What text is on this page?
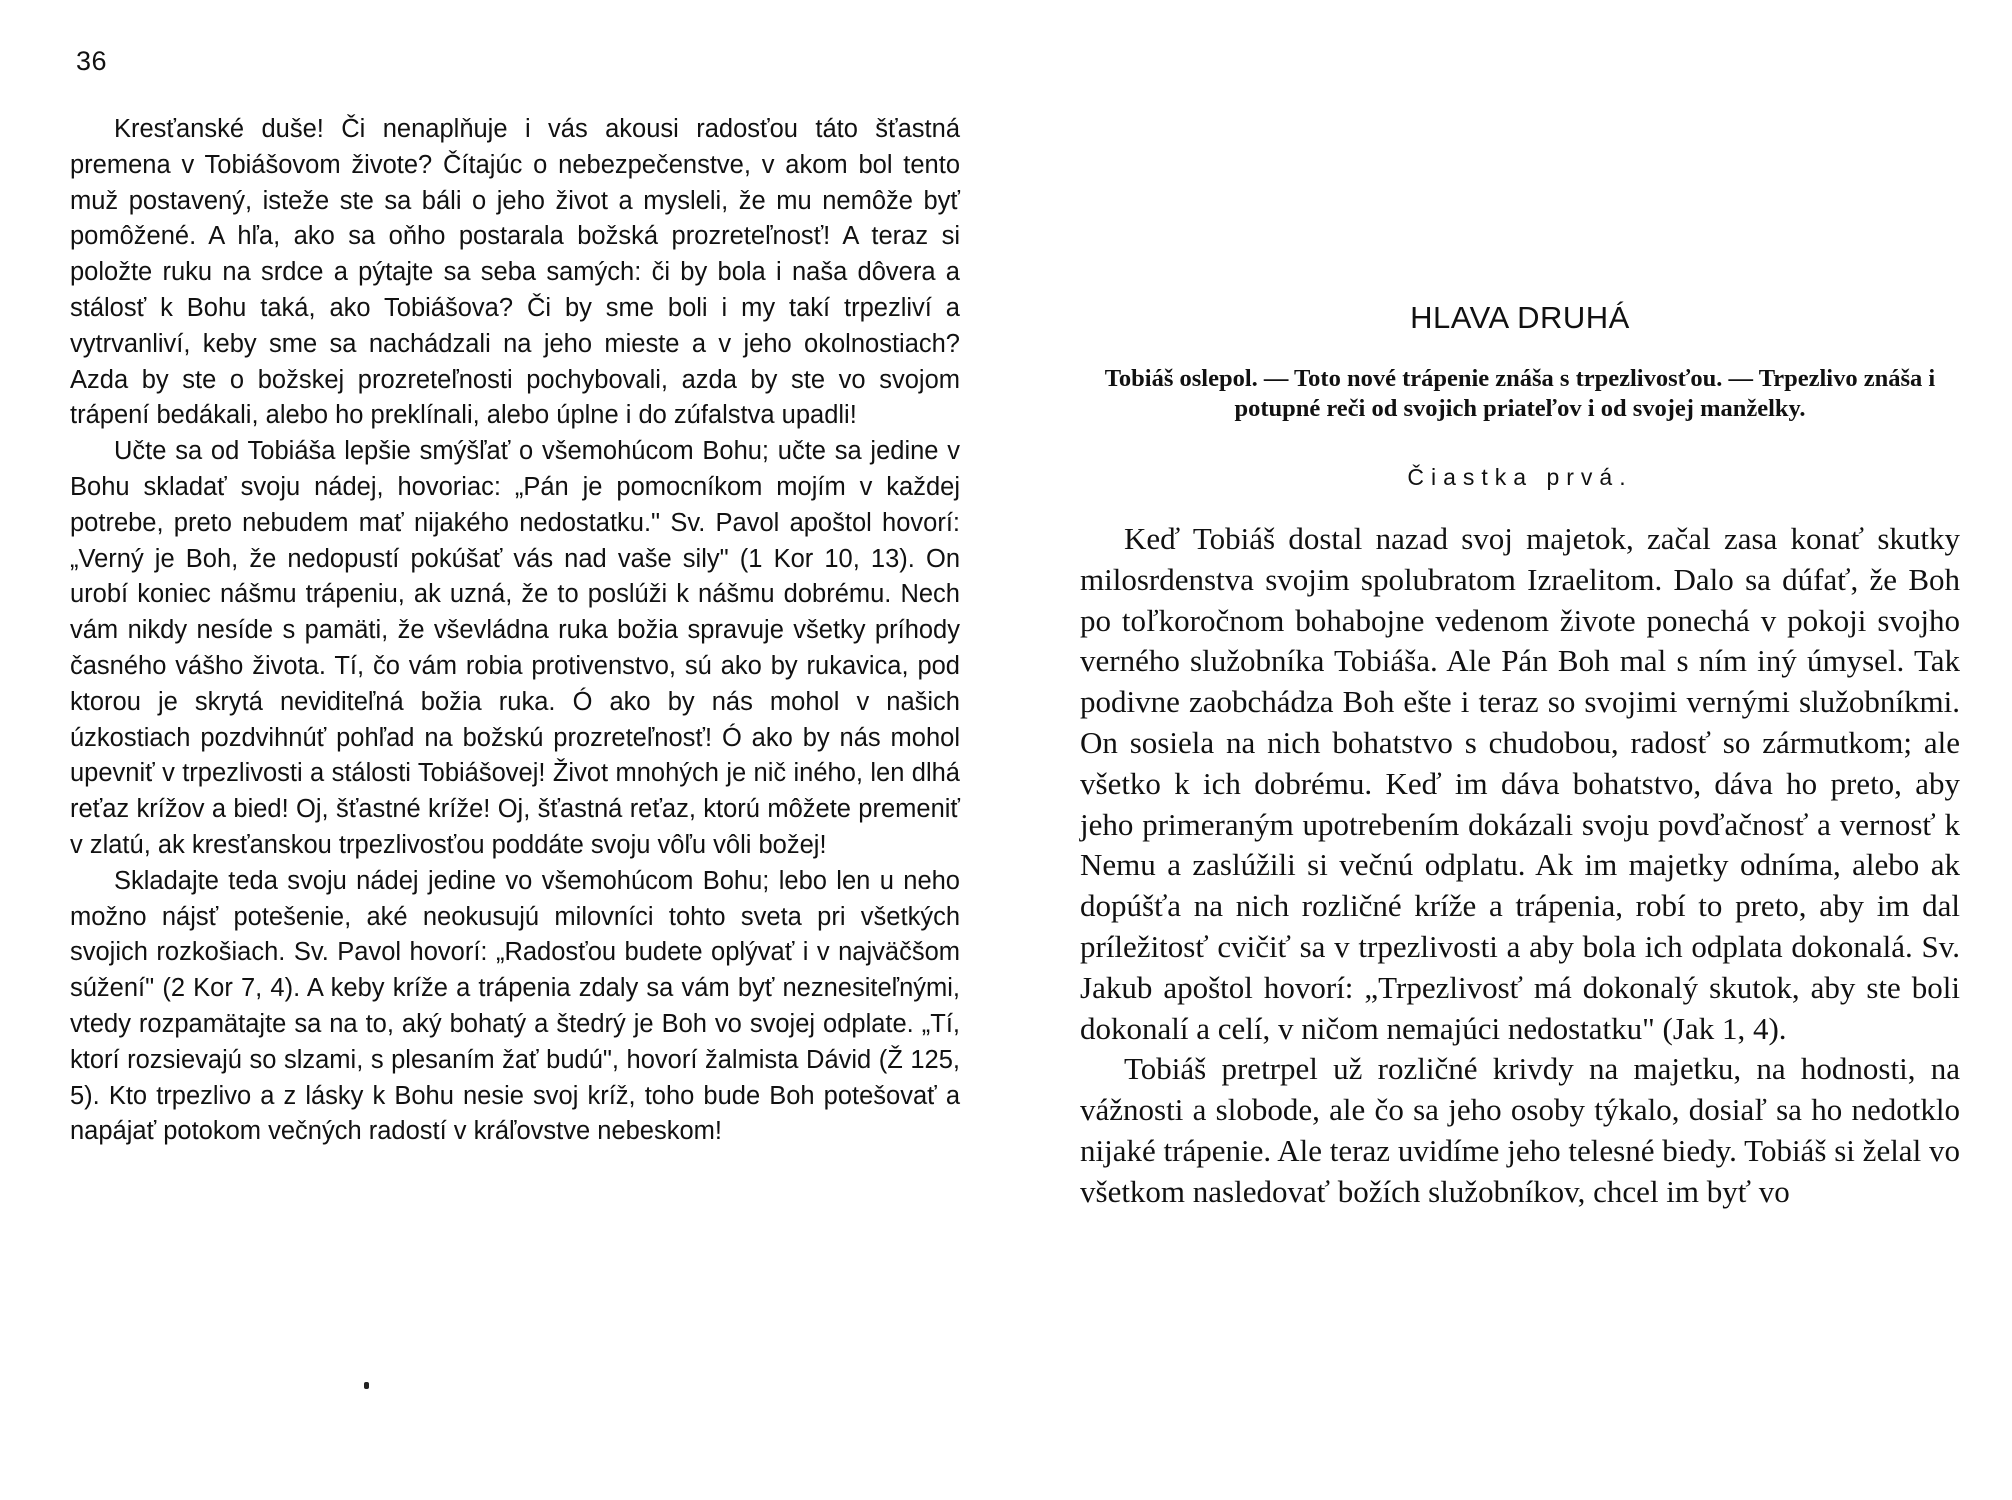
36

Kresťanské duše! Či nenaplňuje i vás akousi radosťou táto šťastná premena v Tobiášovom živote? Čítajúc o nebezpečenstve, v akom bol tento muž postavený, isteže ste sa báli o jeho život a mysleli, že mu nemôže byť pomôžené. A hľa, ako sa oňho postarala božská prozreteľnosť! A teraz si položte ruku na srdce a pýtajte sa seba samých: či by bola i naša dôvera a stálosť k Bohu taká, ako Tobiášova? Či by sme boli i my takí trpezliví a vytrvanliví, keby sme sa nachádzali na jeho mieste a v jeho okolnostiach? Azda by ste o božskej prozreteľnosti pochybovali, azda by ste vo svojom trápení bedákali, alebo ho preklínali, alebo úplne i do zúfalstva upadli!

Učte sa od Tobiáša lepšie smýšľať o všemohúcom Bohu; učte sa jedine v Bohu skladať svoju nádej, hovoriac: „Pán je pomocníkom mojím v každej potrebe, preto nebudem mať nijakého nedostatku." Sv. Pavol apoštol hovorí: „Verný je Boh, že nedopustí pokúšať vás nad vaše sily" (1 Kor 10, 13). On urobí koniec nášmu trápeniu, ak uzná, že to poslúži k nášmu dobrému. Nech vám nikdy nesíde s pamäti, že vševládna ruka božia spravuje všetky príhody časného vášho života. Tí, čo vám robia protivenstvo, sú ako by rukavica, pod ktorou je skrytá neviditeľná božia ruka. Ó ako by nás mohol v našich úzkostiach pozdvihnúť pohľad na božskú prozreteľnosť! Ó ako by nás mohol upevniť v trpezlivosti a stálosti Tobiášovej! Život mnohých je nič iného, len dlhá reťaz krížov a bied! Oj, šťastné kríže! Oj, šťastná reťaz, ktorú môžete premeniť v zlatú, ak kresťanskou trpezlivosťou poddáte svoju vôľu vôli božej!

Skladajte teda svoju nádej jedine vo všemohúcom Bohu; lebo len u neho možno nájsť potešenie, aké neokusujú milovníci tohto sveta pri všetkých svojich rozkošiach. Sv. Pavol hovorí: „Radosťou budete oplývať i v najväčšom súžení" (2 Kor 7, 4). A keby kríže a trápenia zdaly sa vám byť neznesiteľnými, vtedy rozpamätajte sa na to, aký bohatý a štedrý je Boh vo svojej odplate. „Tí, ktorí rozsievajú so slzami, s plesaním žať budú", hovorí žalmista Dávid (Ž 125, 5). Kto trpezlivo a z lásky k Bohu nesie svoj kríž, toho bude Boh potešovať a napájať potokom večných radostí v kráľovstve nebeskom!

HLAVA DRUHÁ
Tobiáš oslepol. — Toto nové trápenie znáša s trpezlivosťou. — Trpezlivo znáša i potupné reči od svojich priateľov i od svojej manželky.
Čiastka prvá.

Keď Tobiáš dostal nazad svoj majetok, začal zasa konať skutky milosrdenstva svojim spolubratom Izraelitom. Dalo sa dúfať, že Boh po toľkoročnom bohabojne vedenom živote ponechá v pokoji svojho verného služobníka Tobiáša. Ale Pán Boh mal s ním iný úmysel. Tak podivne zaobchádza Boh ešte i teraz so svojimi vernými služobníkmi. On sosiela na nich bohatstvo s chudobou, radosť so zármutkom; ale všetko k ich dobrému. Keď im dáva bohatstvo, dáva ho preto, aby jeho primeraným upotrebením dokázali svoju povďačnosť a vernosť k Nemu a zaslúžili si večnú odplatu. Ak im majetky odníma, alebo ak dopúšťa na nich rozličné kríže a trápenia, robí to preto, aby im dal príležitosť cvičiť sa v trpezlivosti a aby bola ich odplata dokonalá. Sv. Jakub apoštol hovorí: „Trpezlivosť má dokonalý skutok, aby ste boli dokonalí a celí, v ničom nemajúci nedostatku" (Jak 1, 4).

Tobiáš pretrpel už rozličné krivdy na majetku, na hodnosti, na vážnosti a slobode, ale čo sa jeho osoby týkalo, dosiaľ sa ho nedotklo nijaké trápenie. Ale teraz uvidíme jeho telesné biedy. Tobiáš si želal vo všetkom nasledovať božích služobníkov, chcel im byť vo
